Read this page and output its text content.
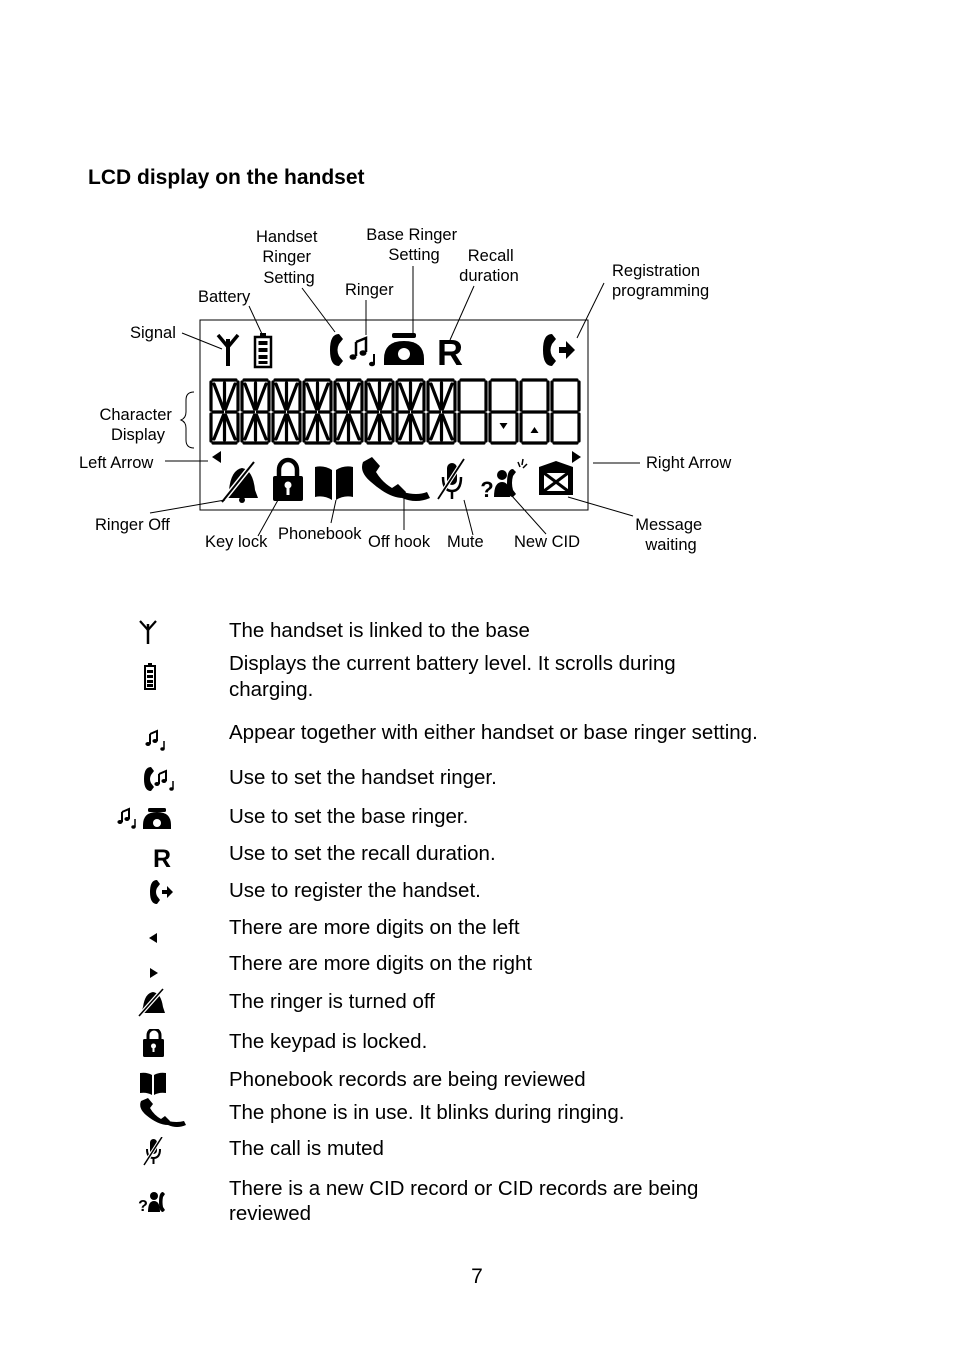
LCD display on the handset
R
?
Handset Ringer Setting
Base Ringer Setting	Recall duration	Registration programming
Battery	Ringer
Signal
Character Display
Left Arrow	Right Arrow
Ringer Off
Key lock Phonebook Off hook Mute New CID
Message waiting
R
?
The handset is linked to the base
Displays the current battery level. It scrolls during charging.
Appear together with either handset or base ringer setting.
Use to set the handset ringer.
Use to set the base ringer.
Use to set the recall duration.
Use to register the handset.
There are more digits on the left
There are more digits on the right
The ringer is turned off
The keypad is locked.
Phonebook records are being reviewed
The phone is in use. It blinks during ringing.
The call is muted
There is a new CID record or CID records are being reviewed
7
